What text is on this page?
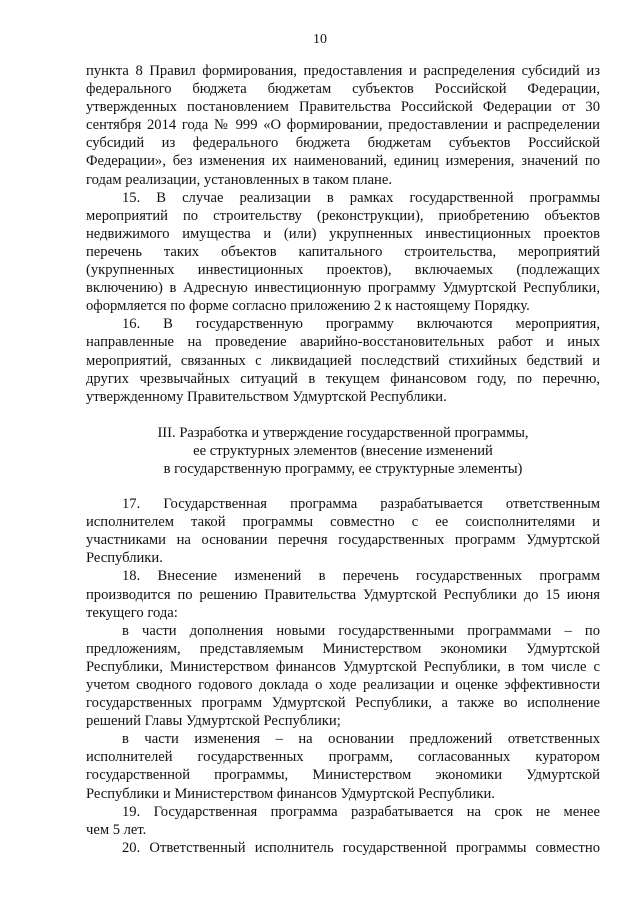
10
пункта 8 Правил формирования, предоставления и распределения субсидий из
федерального бюджета бюджетам субъектов Российской Федерации,
утвержденных постановлением Правительства Российской Федерации от 30
сентября 2014 года № 999 «О формировании, предоставлении и распределении
субсидий из федерального бюджета бюджетам субъектов Российской
Федерации», без изменения их наименований, единиц измерения, значений по
годам реализации, установленных в таком плане.
15. В случае реализации в рамках государственной программы
мероприятий по строительству (реконструкции), приобретению объектов
недвижимого имущества и (или) укрупненных инвестиционных проектов
перечень таких объектов капитального строительства, мероприятий
(укрупненных инвестиционных проектов), включаемых (подлежащих
включению) в Адресную инвестиционную программу Удмуртской Республики,
оформляется по форме согласно приложению 2 к настоящему Порядку.
16. В государственную программу включаются мероприятия,
направленные на проведение аварийно-восстановительных работ и иных
мероприятий, связанных с ликвидацией последствий стихийных бедствий и
других чрезвычайных ситуаций в текущем финансовом году, по перечню,
утвержденному Правительством Удмуртской Республики.
III. Разработка и утверждение государственной программы,
ее структурных элементов (внесение изменений
в государственную программу, ее структурные элементы)
17. Государственная программа разрабатывается ответственным
исполнителем такой программы совместно с ее соисполнителями и
участниками на основании перечня государственных программ Удмуртской
Республики.
18. Внесение изменений в перечень государственных программ
производится по решению Правительства Удмуртской Республики до 15 июня
текущего года:
в части дополнения новыми государственными программами – по
предложениям, представляемым Министерством экономики Удмуртской
Республики, Министерством финансов Удмуртской Республики, в том числе с
учетом сводного годового доклада о ходе реализации и оценке эффективности
государственных программ Удмуртской Республики, а также во исполнение
решений Главы Удмуртской Республики;
в части изменения – на основании предложений ответственных
исполнителей государственных программ, согласованных куратором
государственной программы, Министерством экономики Удмуртской
Республики и Министерством финансов Удмуртской Республики.
19. Государственная программа разрабатывается на срок не менее
чем 5 лет.
20. Ответственный исполнитель государственной программы совместно
